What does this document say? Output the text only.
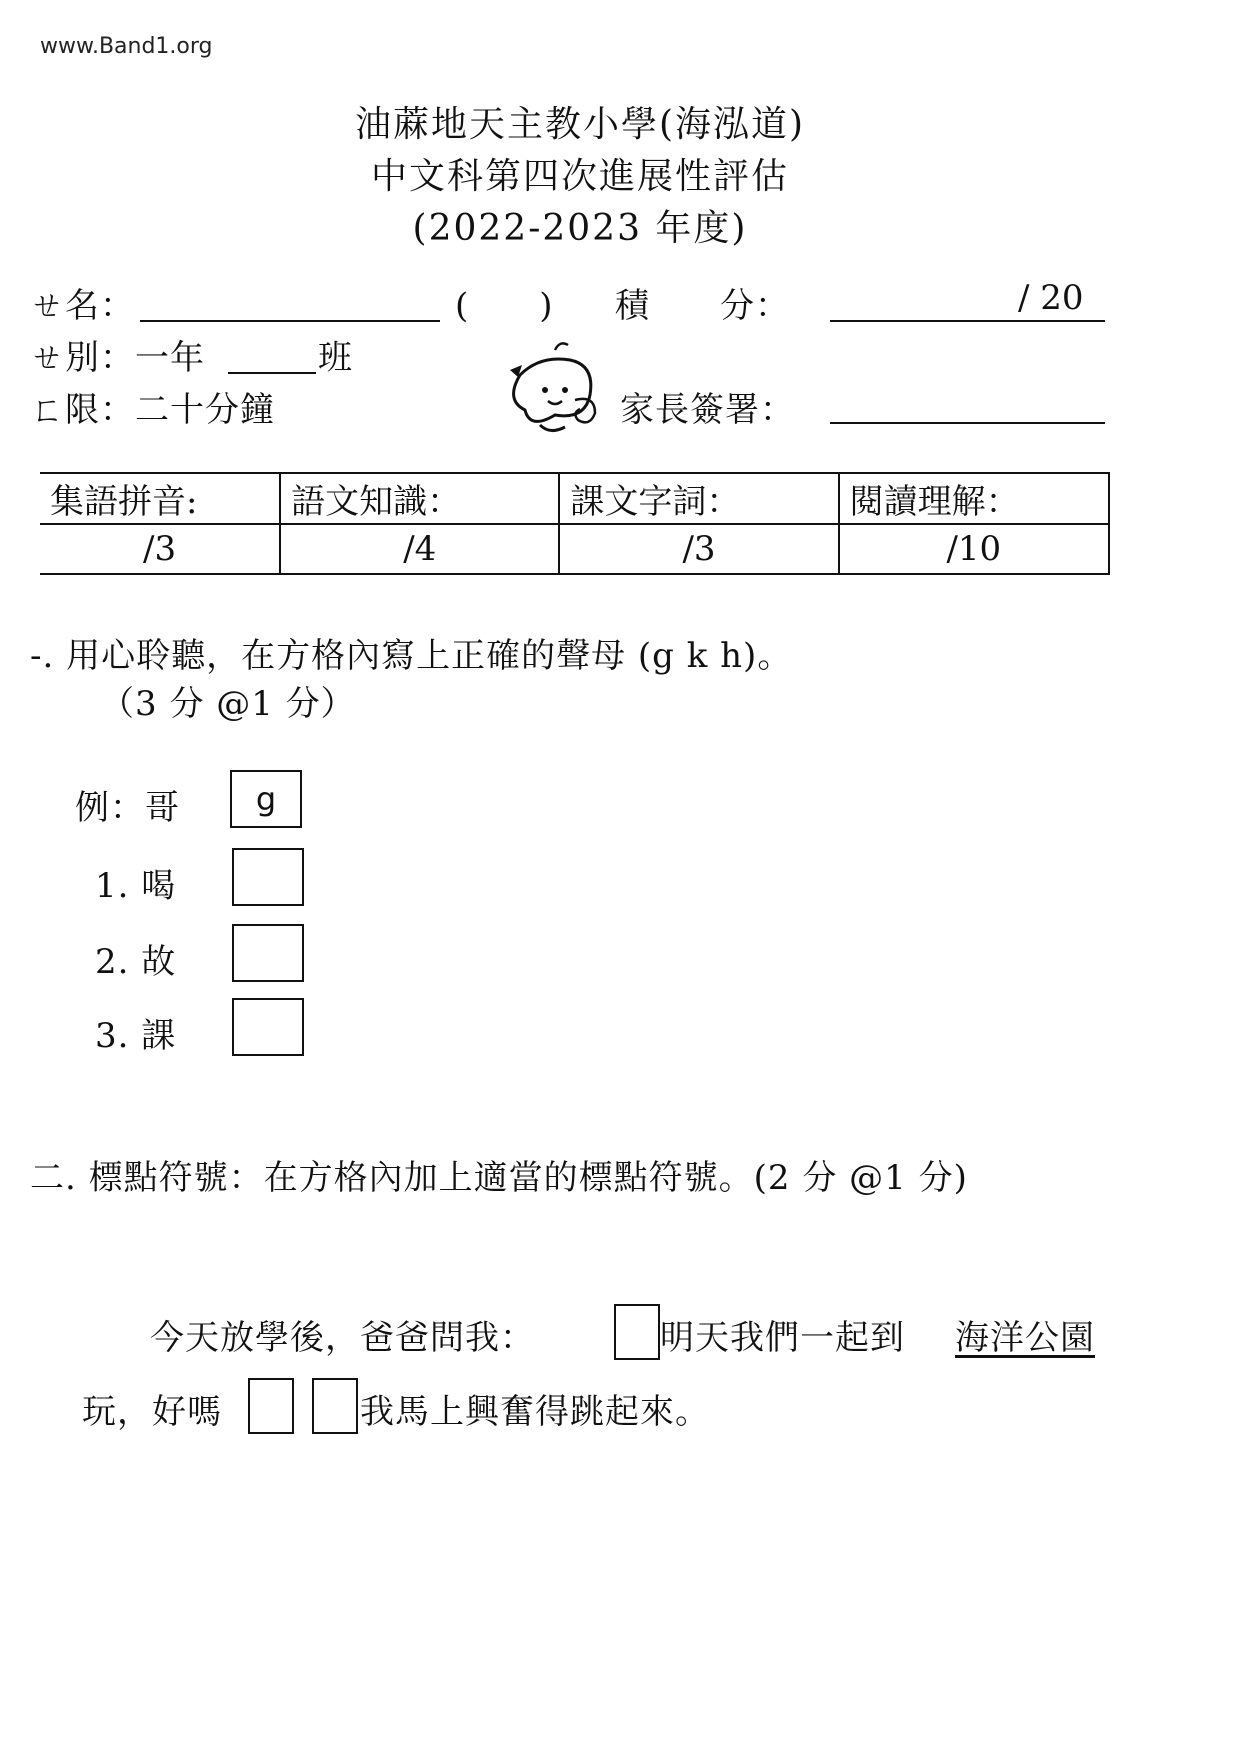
www.Band1.org
油蔴地天主教小學(海泓道)
中文科第四次進展性評估
(2022-2023 年度)
ㄝ名：	(　　) 積　　分：	/ 20
ㄝ別：一年	班
ㄈ限：二十分鐘	家長簽署：
集語拼音:	語文知識：	課文字詞：	閱讀理解：
/3	/4	/3	/10
-. 用心聆聽，在方格內寫上正確的聲母 (g k h)。
（3 分 @1 分）
例：哥	g
1. 喝
2. 故
3. 課
二. 標點符號：在方格內加上適當的標點符號。(2 分 @1 分)
今天放學後，爸爸問我：	明天我們一起到 海洋公園
玩，好嗎	我馬上興奮得跳起來。
